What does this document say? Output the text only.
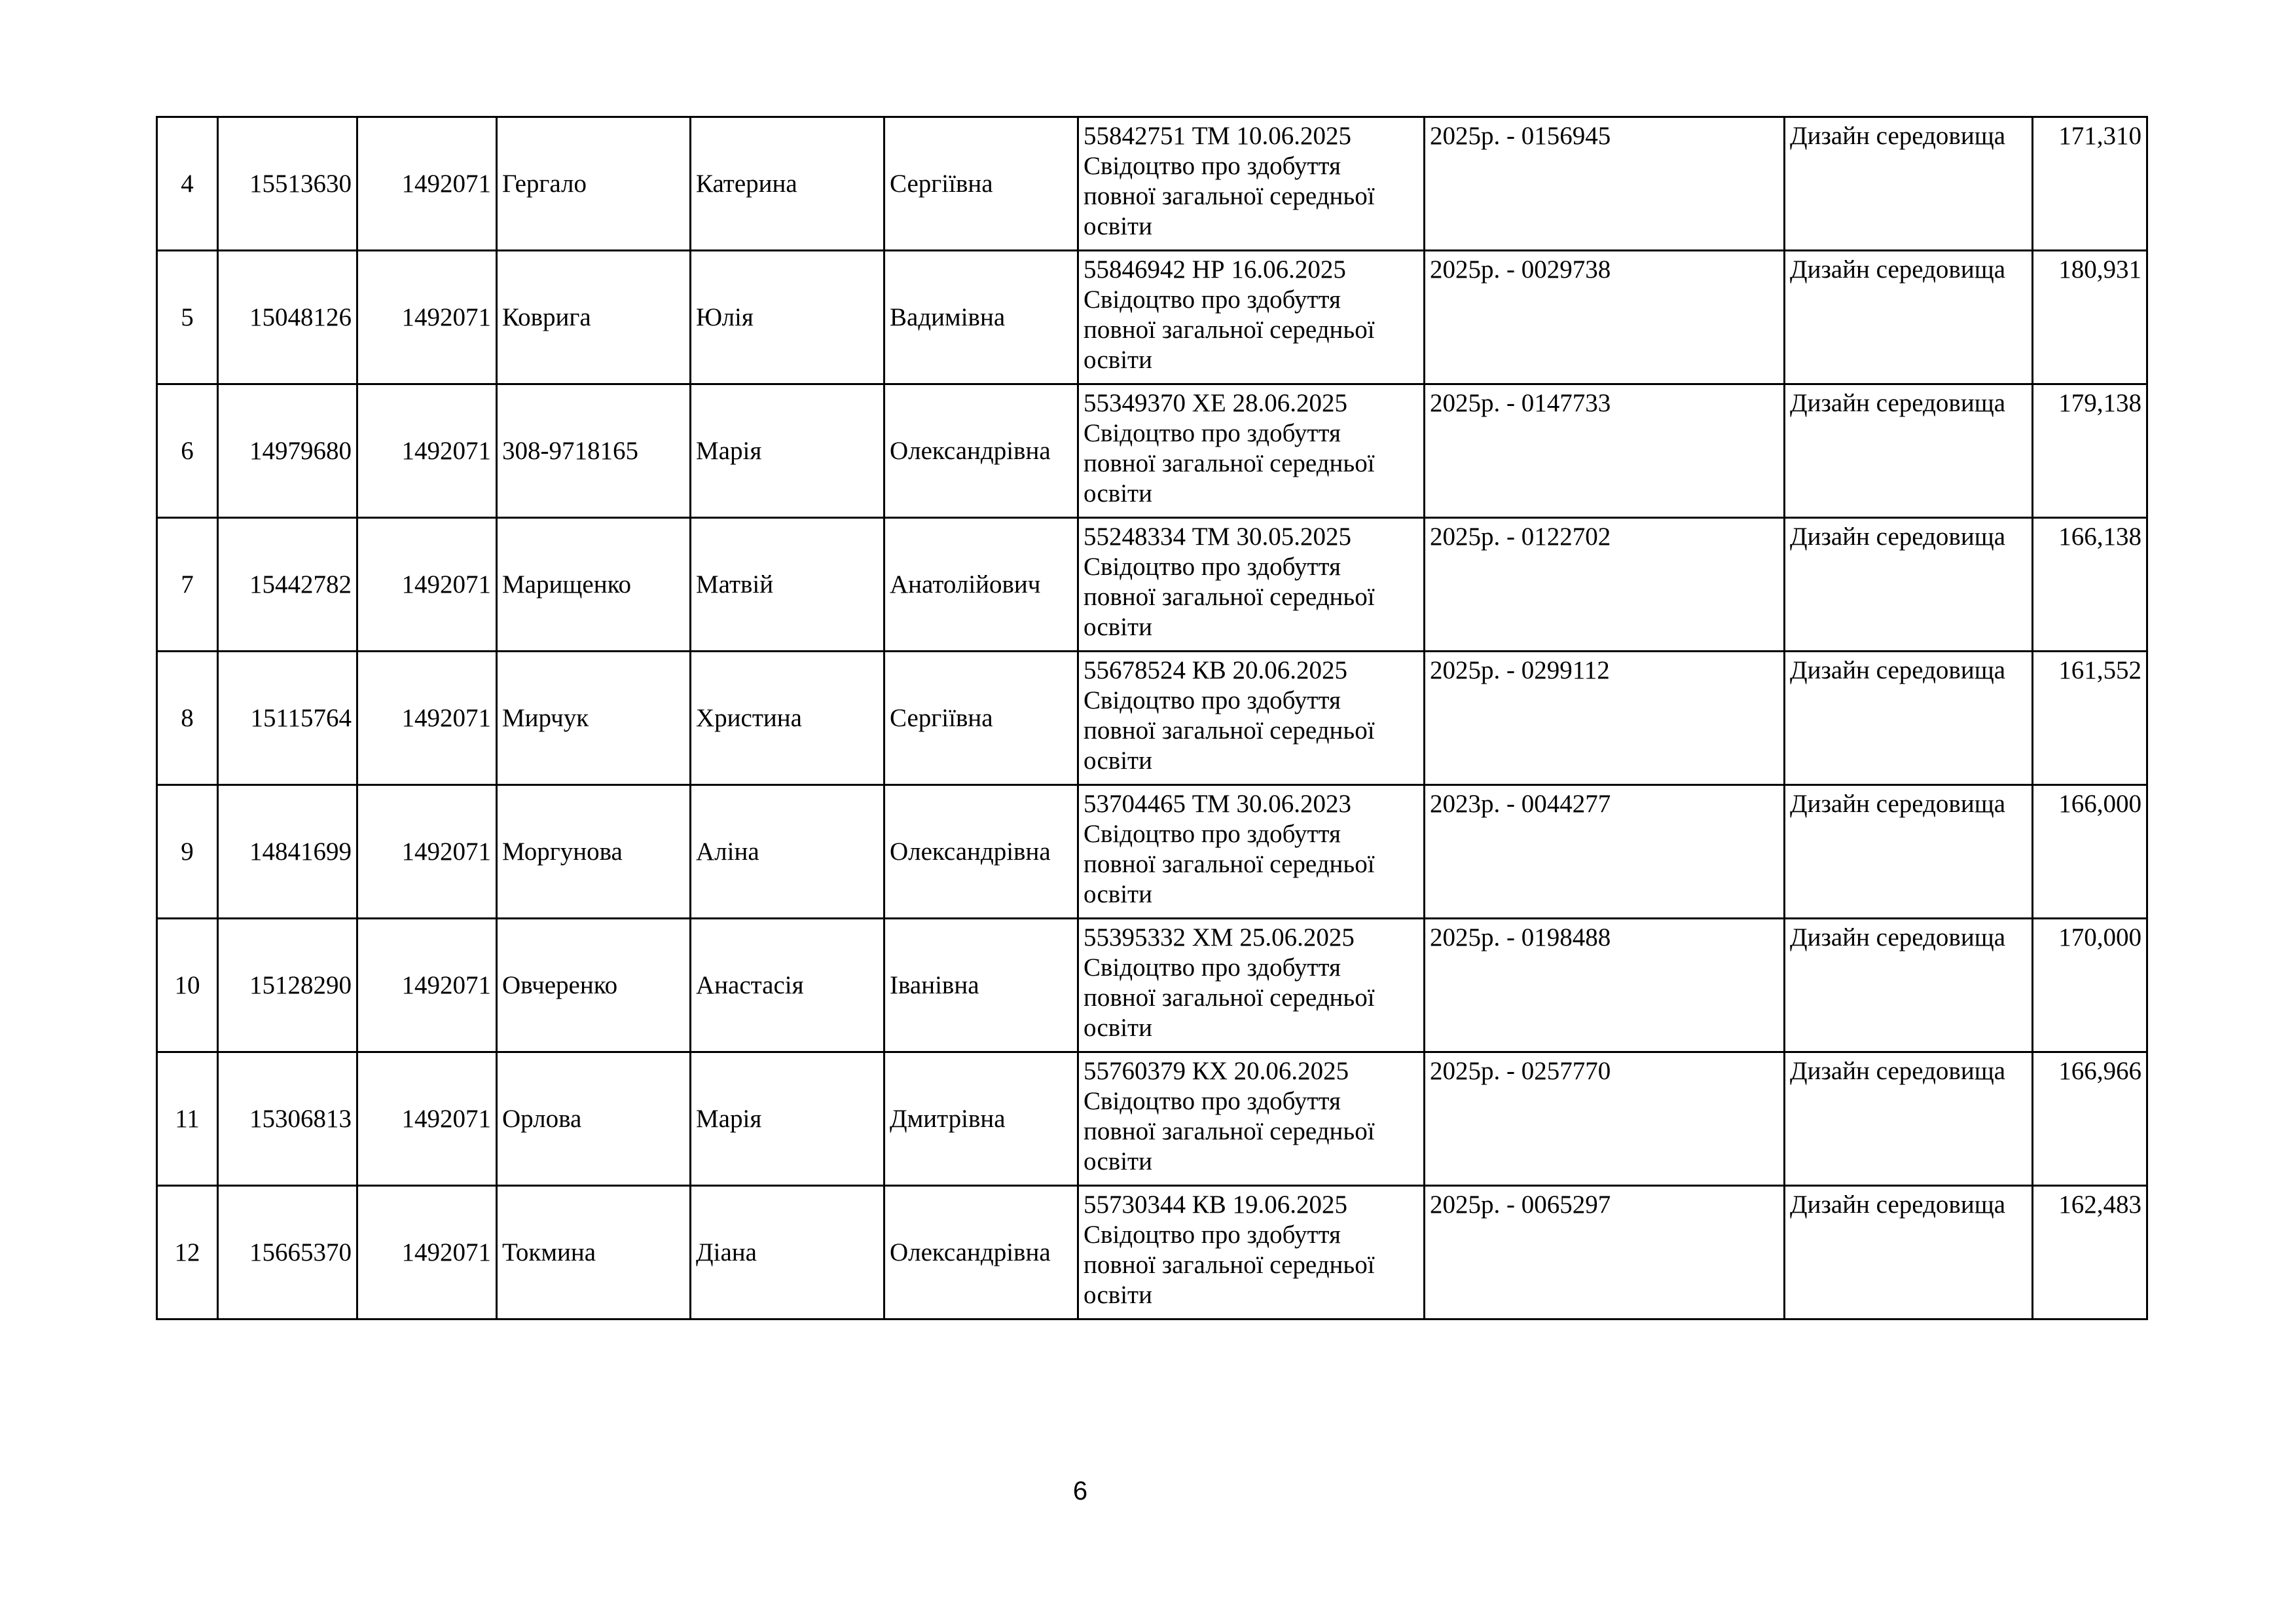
4	15513630	1492071	Гергало	Катерина	Сергіївна	55842751 ТМ 10.06.2025
Свідоцтво про здобуття
повної загальної середньої
освіти	2025р. - 0156945	Дизайн середовища	171,310
5	15048126	1492071	Коврига	Юлія	Вадимівна	55846942 НР 16.06.2025
Свідоцтво про здобуття
повної загальної середньої
освіти	2025р. - 0029738	Дизайн середовища	180,931
6	14979680	1492071	308-9718165	Марія	Олександрівна	55349370 ХЕ 28.06.2025
Свідоцтво про здобуття
повної загальної середньої
освіти	2025р. - 0147733	Дизайн середовища	179,138
7	15442782	1492071	Марищенко	Матвій	Анатолійович	55248334 ТМ 30.05.2025
Свідоцтво про здобуття
повної загальної середньої
освіти	2025р. - 0122702	Дизайн середовища	166,138
8	15115764	1492071	Мирчук	Христина	Сергіївна	55678524 КВ 20.06.2025
Свідоцтво про здобуття
повної загальної середньої
освіти	2025р. - 0299112	Дизайн середовища	161,552
9	14841699	1492071	Моргунова	Аліна	Олександрівна	53704465 ТМ 30.06.2023
Свідоцтво про здобуття
повної загальної середньої
освіти	2023р. - 0044277	Дизайн середовища	166,000
10	15128290	1492071	Овчеренко	Анастасія	Іванівна	55395332 ХМ 25.06.2025
Свідоцтво про здобуття
повної загальної середньої
освіти	2025р. - 0198488	Дизайн середовища	170,000
11	15306813	1492071	Орлова	Марія	Дмитрівна	55760379 КХ 20.06.2025
Свідоцтво про здобуття
повної загальної середньої
освіти	2025р. - 0257770	Дизайн середовища	166,966
12	15665370	1492071	Токмина	Діана	Олександрівна	55730344 КВ 19.06.2025
Свідоцтво про здобуття
повної загальної середньої
освіти	2025р. - 0065297	Дизайн середовища	162,483
6
